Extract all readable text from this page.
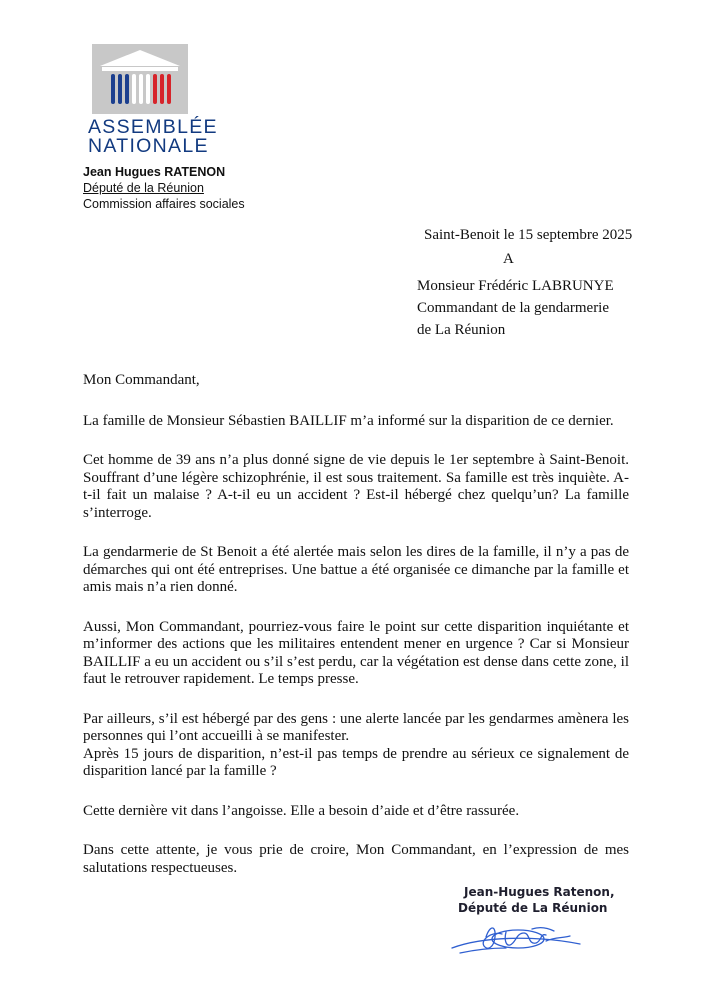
ASSEMBLÉE
NATIONALE
Jean Hugues RATENON
Député de la Réunion
Commission affaires sociales
Saint-Benoit le 15 septembre 2025
A
Monsieur Frédéric LABRUNYE
Commandant de la gendarmerie
de La Réunion

Mon Commandant,

La famille de Monsieur Sébastien BAILLIF m’a informé sur la disparition de ce dernier.

Cet homme de 39 ans n’a plus donné signe de vie depuis le 1er septembre à Saint-Benoit. Souffrant d’une légère schizophrénie, il est sous traitement. Sa famille est très inquiète. A-t-il fait un malaise ? A-t-il eu un accident ? Est-il hébergé chez quelqu’un? La famille s’interroge.

La gendarmerie de St Benoit a été alertée mais selon les dires de la famille, il n’y a pas de démarches qui ont été entreprises. Une battue a été organisée ce dimanche par la famille et amis mais n’a rien donné.

Aussi, Mon Commandant, pourriez-vous faire le point sur cette disparition inquiétante et m’informer des actions que les militaires entendent mener en urgence ? Car si Monsieur BAILLIF a eu un accident ou s’il s’est perdu, car la végétation est dense dans cette zone, il faut le retrouver rapidement. Le temps presse.

Par ailleurs, s’il est hébergé par des gens : une alerte lancée par les gendarmes amènera les personnes qui l’ont accueilli à se manifester.

Après 15 jours de disparition, n’est-il pas temps de prendre au sérieux ce signalement de disparition lancé par la famille ?

Cette dernière vit dans l’angoisse. Elle a besoin d’aide et d’être rassurée.

Dans cette attente, je vous prie de croire, Mon Commandant, en l’expression de mes salutations respectueuses.

Jean-Hugues Ratenon,
Député de La Réunion
